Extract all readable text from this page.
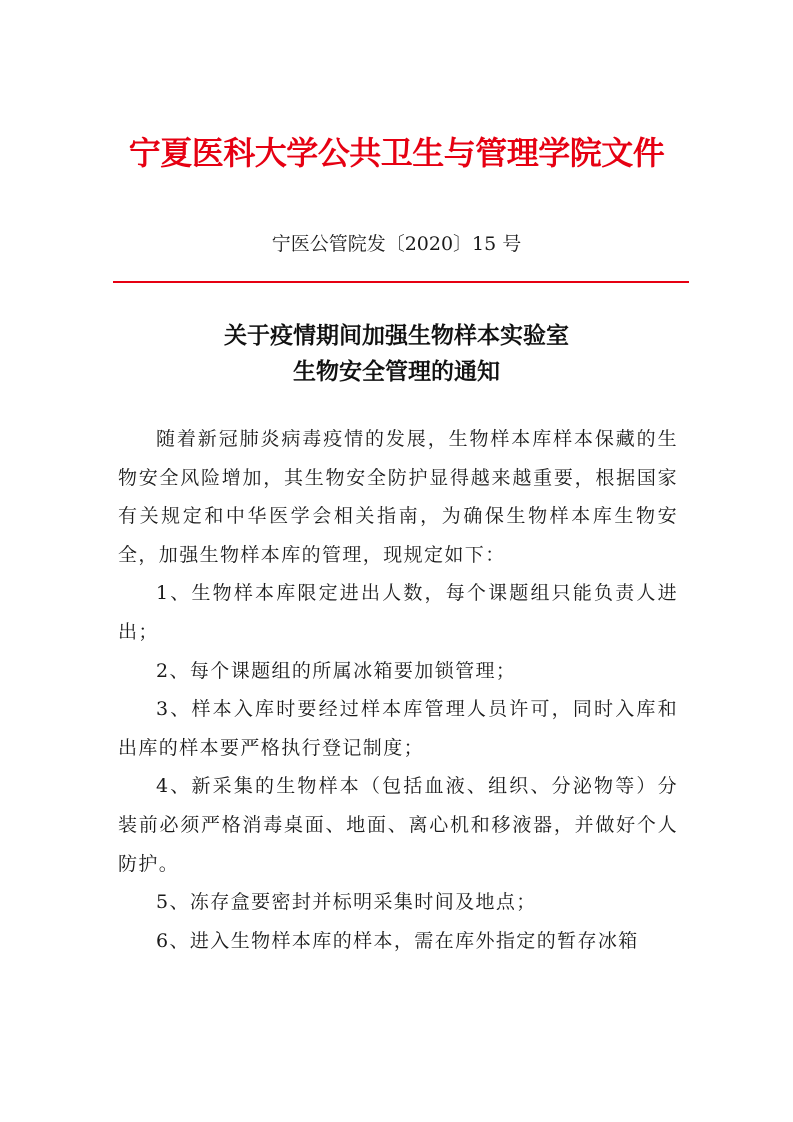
宁夏医科大学公共卫生与管理学院文件
宁医公管院发〔2020〕15 号
关于疫情期间加强生物样本实验室
生物安全管理的通知

随着新冠肺炎病毒疫情的发展，生物样本库样本保藏的生物安全风险增加，其生物安全防护显得越来越重要，根据国家有关规定和中华医学会相关指南，为确保生物样本库生物安全，加强生物样本库的管理，现规定如下：

1、生物样本库限定进出人数，每个课题组只能负责人进出；

2、每个课题组的所属冰箱要加锁管理；

3、样本入库时要经过样本库管理人员许可，同时入库和出库的样本要严格执行登记制度；

4、新采集的生物样本（包括血液、组织、分泌物等）分装前必须严格消毒桌面、地面、离心机和移液器，并做好个人防护。

5、冻存盒要密封并标明采集时间及地点；

6、进入生物样本库的样本，需在库外指定的暂存冰箱
